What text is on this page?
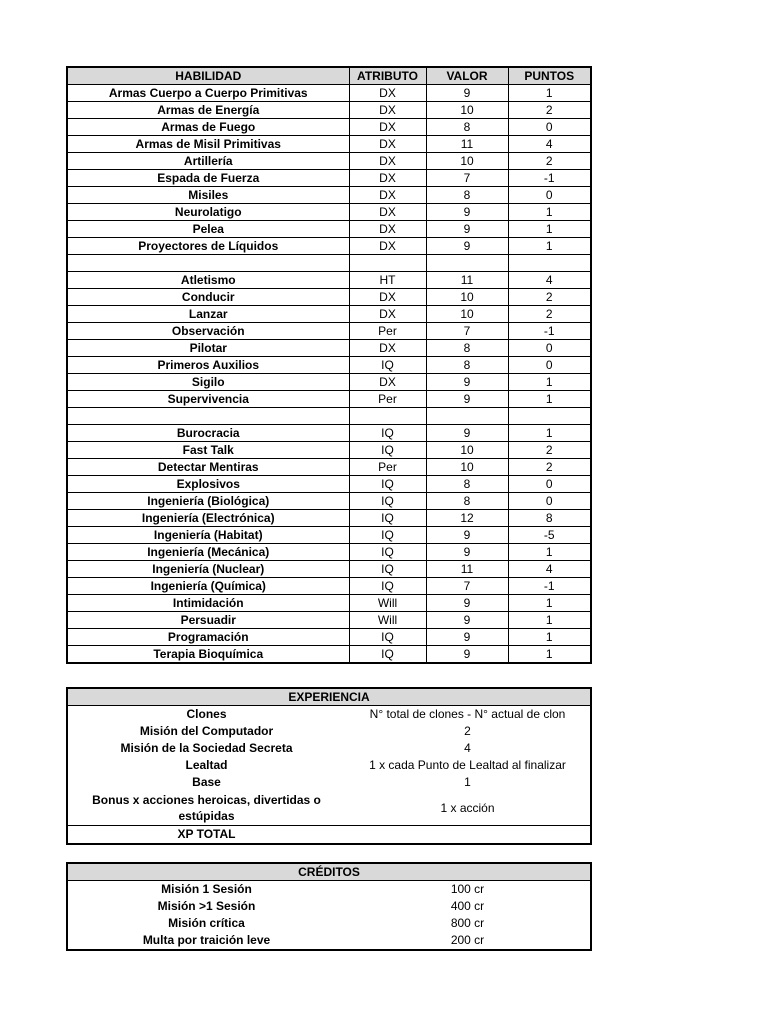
HABILIDAD	ATRIBUTO	VALOR	PUNTOS
Armas Cuerpo a Cuerpo Primitivas	DX	9	1
Armas de Energía	DX	10	2
Armas de Fuego	DX	8	0
Armas de Misil Primitivas	DX	11	4
Artillería	DX	10	2
Espada de Fuerza	DX	7	-1
Misiles	DX	8	0
Neurolatigo	DX	9	1
Pelea	DX	9	1
Proyectores de Líquidos	DX	9	1

Atletismo	HT	11	4
Conducir	DX	10	2
Lanzar	DX	10	2
Observación	Per	7	-1
Pilotar	DX	8	0
Primeros Auxilios	IQ	8	0
Sigilo	DX	9	1
Supervivencia	Per	9	1

Burocracia	IQ	9	1
Fast Talk	IQ	10	2
Detectar Mentiras	Per	10	2
Explosivos	IQ	8	0
Ingeniería (Biológica)	IQ	8	0
Ingeniería (Electrónica)	IQ	12	8
Ingeniería (Habitat)	IQ	9	-5
Ingeniería (Mecánica)	IQ	9	1
Ingeniería (Nuclear)	IQ	11	4
Ingeniería (Química)	IQ	7	-1
Intimidación	Will	9	1
Persuadir	Will	9	1
Programación	IQ	9	1
Terapia Bioquímica	IQ	9	1
EXPERIENCIA	
Clones	N° total de clones - N° actual de clon
Misión del Computador	2
Misión de la Sociedad Secreta	4
Lealtad	1 x cada Punto de Lealtad al finalizar
Base	1
Bonus x acciones heroicas, divertidas o estúpidas	1 x acción
XP TOTAL	
CRÉDITOS	
Misión 1 Sesión	100 cr
Misión >1 Sesión	400 cr
Misión crítica	800 cr
Multa por traición leve	200 cr
